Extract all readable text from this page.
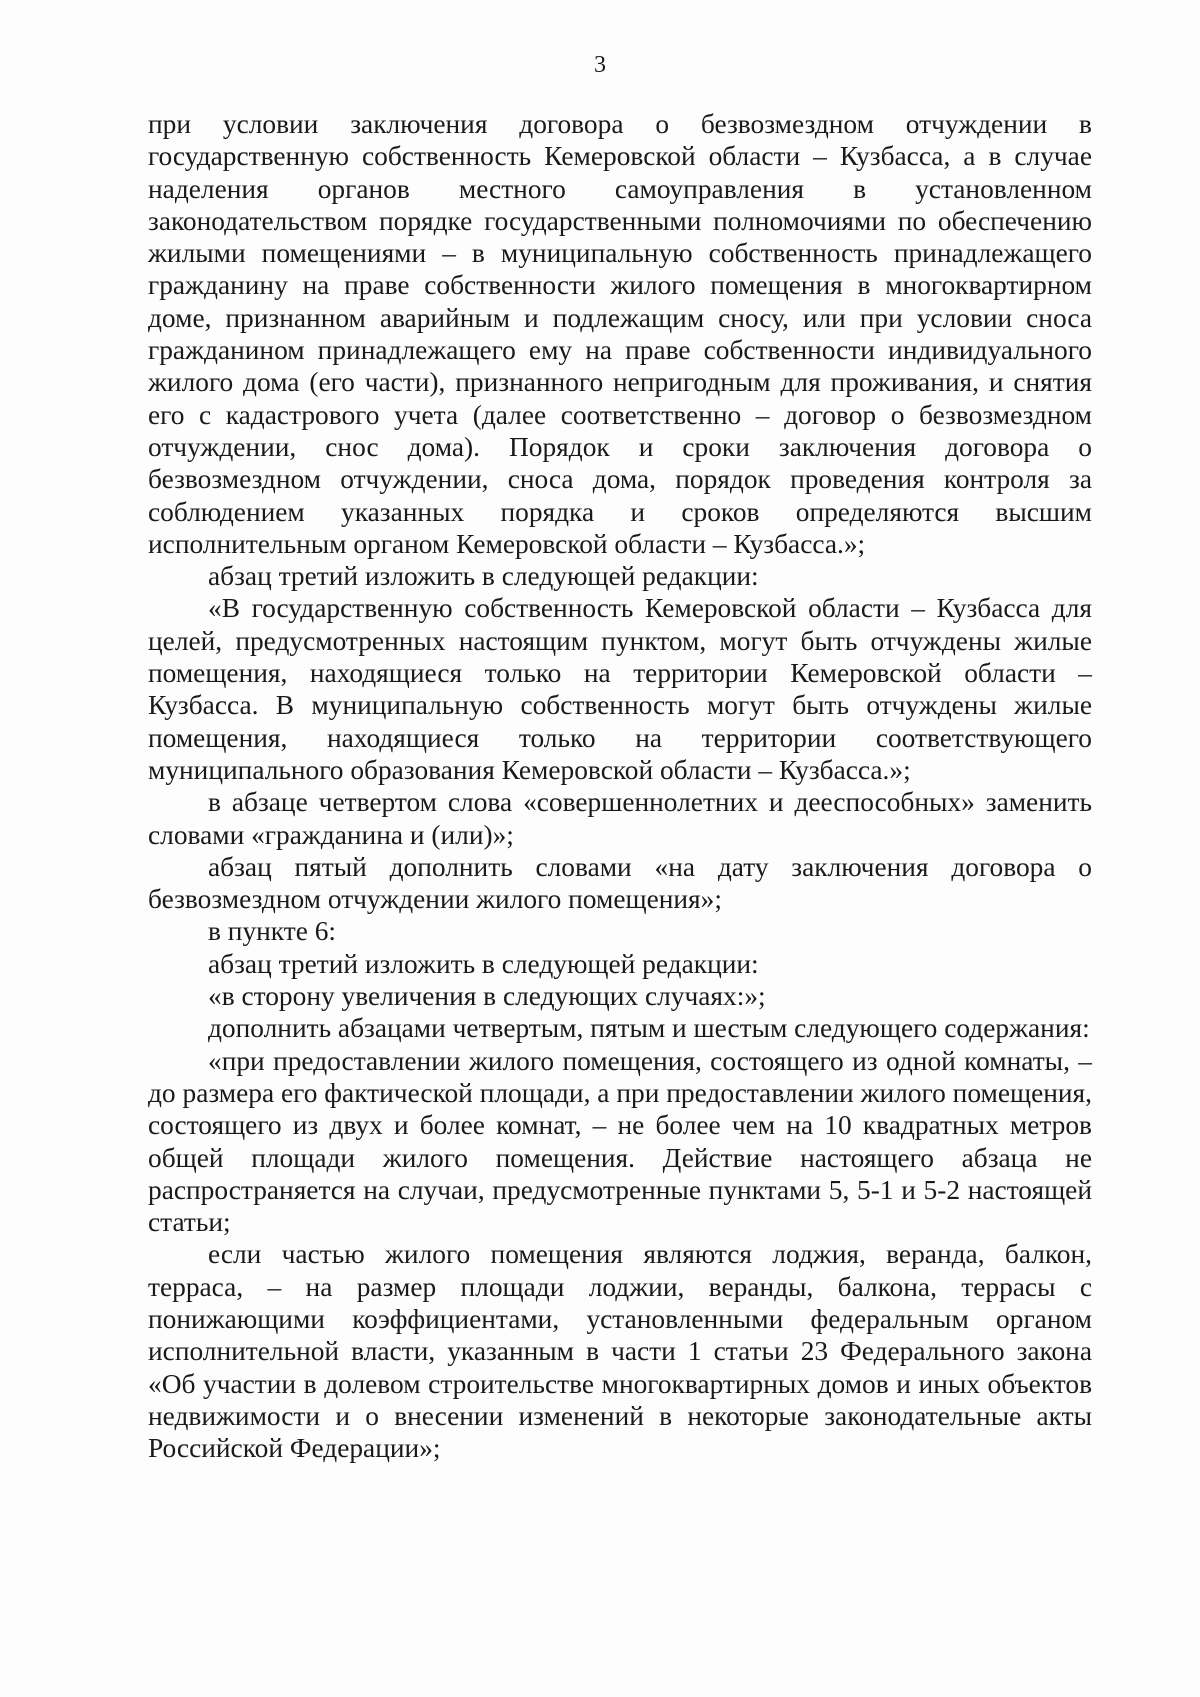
3

при условии заключения договора о безвозмездном отчуждении в государственную собственность Кемеровской области – Кузбасса, а в случае наделения органов местного самоуправления в установленном законодательством порядке государственными полномочиями по обеспечению жилыми помещениями – в муниципальную собственность принадлежащего гражданину на праве собственности жилого помещения в многоквартирном доме, признанном аварийным и подлежащим сносу, или при условии сноса гражданином принадлежащего ему на праве собственности индивидуального жилого дома (его части), признанного непригодным для проживания, и снятия его с кадастрового учета (далее соответственно – договор о безвозмездном отчуждении, снос дома). Порядок и сроки заключения договора о безвозмездном отчуждении, сноса дома, порядок проведения контроля за соблюдением указанных порядка и сроков определяются высшим исполнительным органом Кемеровской области – Кузбасса.»;

абзац третий изложить в следующей редакции:

«В государственную собственность Кемеровской области – Кузбасса для целей, предусмотренных настоящим пунктом, могут быть отчуждены жилые помещения, находящиеся только на территории Кемеровской области – Кузбасса. В муниципальную собственность могут быть отчуждены жилые помещения, находящиеся только на территории соответствующего муниципального образования Кемеровской области – Кузбасса.»;

в абзаце четвертом слова «совершеннолетних и дееспособных» заменить словами «гражданина и (или)»;

абзац пятый дополнить словами «на дату заключения договора о безвозмездном отчуждении жилого помещения»;

в пункте 6:

абзац третий изложить в следующей редакции:

«в сторону увеличения в следующих случаях:»;

дополнить абзацами четвертым, пятым и шестым следующего содержания:

«при предоставлении жилого помещения, состоящего из одной комнаты, – до размера его фактической площади, а при предоставлении жилого помещения, состоящего из двух и более комнат, – не более чем на 10 квадратных метров общей площади жилого помещения. Действие настоящего абзаца не распространяется на случаи, предусмотренные пунктами 5, 5-1 и 5-2 настоящей статьи;

если частью жилого помещения являются лоджия, веранда, балкон, терраса, – на размер площади лоджии, веранды, балкона, террасы с понижающими коэффициентами, установленными федеральным органом исполнительной власти, указанным в части 1 статьи 23 Федерального закона «Об участии в долевом строительстве многоквартирных домов и иных объектов недвижимости и о внесении изменений в некоторые законодательные акты Российской Федерации»;
